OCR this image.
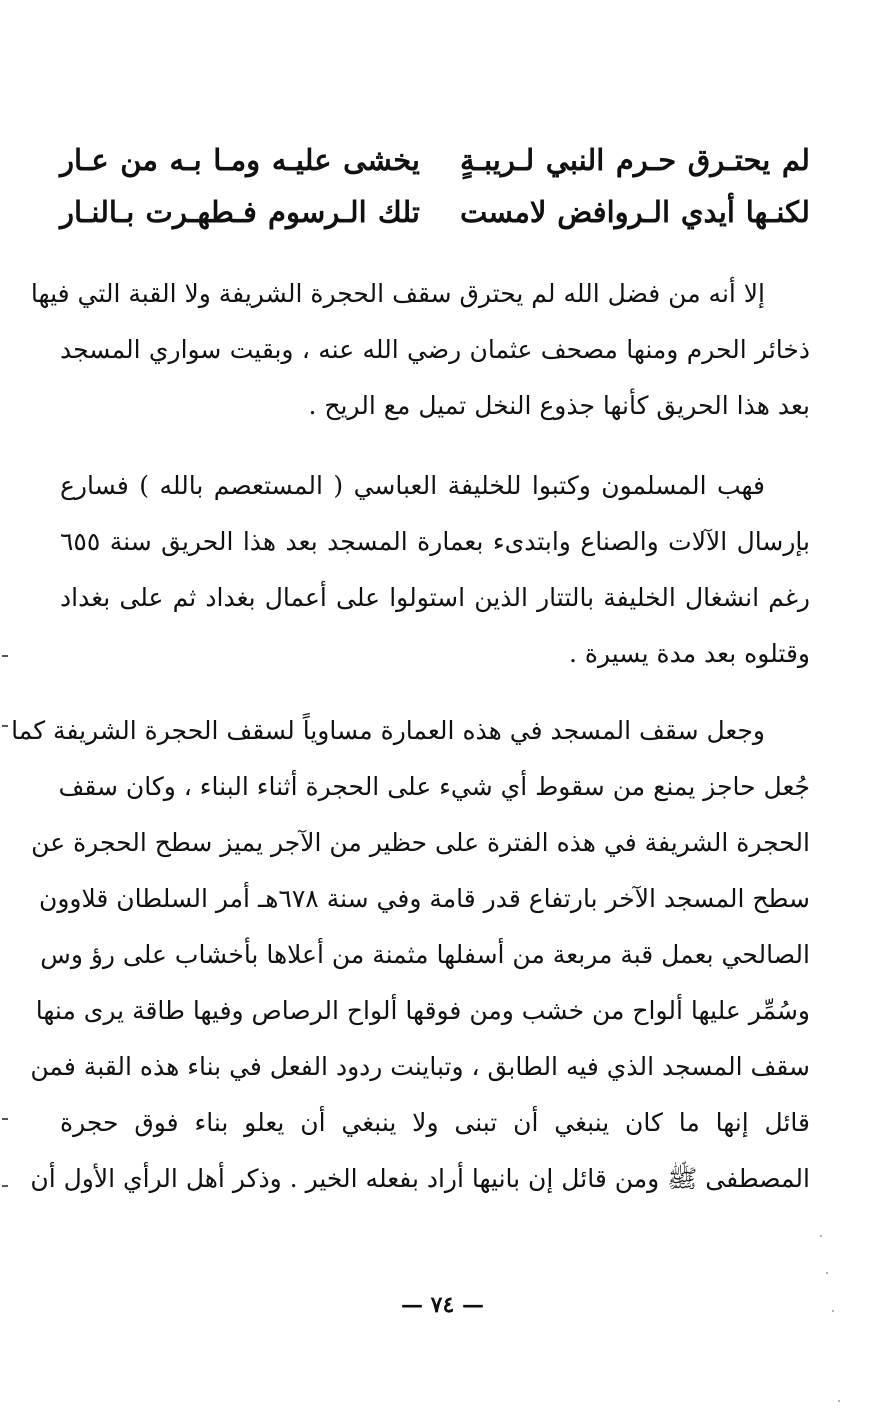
لم يحتـرق حـرم النبي لـريبـةٍ
يخشى عليـه ومـا بـه من عـار
لكنـها أيدي الـروافض لامست
تلك الـرسوم فـطهـرت بـالنـار
إلا أنه من فضل الله لم يحترق سقف الحجرة الشريفة ولا القبة التي فيها
ذخائر الحرم ومنها مصحف عثمان رضي الله عنه ، وبقيت سواري المسجد
بعد هذا الحريق كأنها جذوع النخل تميل مع الريح .
فهب المسلمون وكتبوا للخليفة العباسي ( المستعصم بالله ) فسارع
بإرسال الآلات والصناع وابتدىء بعمارة المسجد بعد هذا الحريق سنة ٦٥٥
رغم انشغال الخليفة بالتتار الذين استولوا على أعمال بغداد ثم على بغداد
وقتلوه بعد مدة يسيرة .
وجعل سقف المسجد في هذه العمارة مساوياً لسقف الحجرة الشريفة كما
جُعل حاجز يمنع من سقوط أي شيء على الحجرة أثناء البناء ، وكان سقف
الحجرة الشريفة في هذه الفترة على حظير من الآجر يميز سطح الحجرة عن
سطح المسجد الآخر بارتفاع قدر قامة وفي سنة ٦٧٨هـ أمر السلطان قلاوون
الصالحي بعمل قبة مربعة من أسفلها مثمنة من أعلاها بأخشاب على رؤ وس
وسُمِّر عليها ألواح من خشب ومن فوقها ألواح الرصاص وفيها طاقة يرى منها
سقف المسجد الذي فيه الطابق ، وتباينت ردود الفعل في بناء هذه القبة فمن
قائل إنها ما كان ينبغي أن تبنى ولا ينبغي أن يعلو بناء فوق حجرة
المصطفى ﷺ ومن قائل إن بانيها أراد بفعله الخير . وذكر أهل الرأي الأول أن
— ٧٤ —
